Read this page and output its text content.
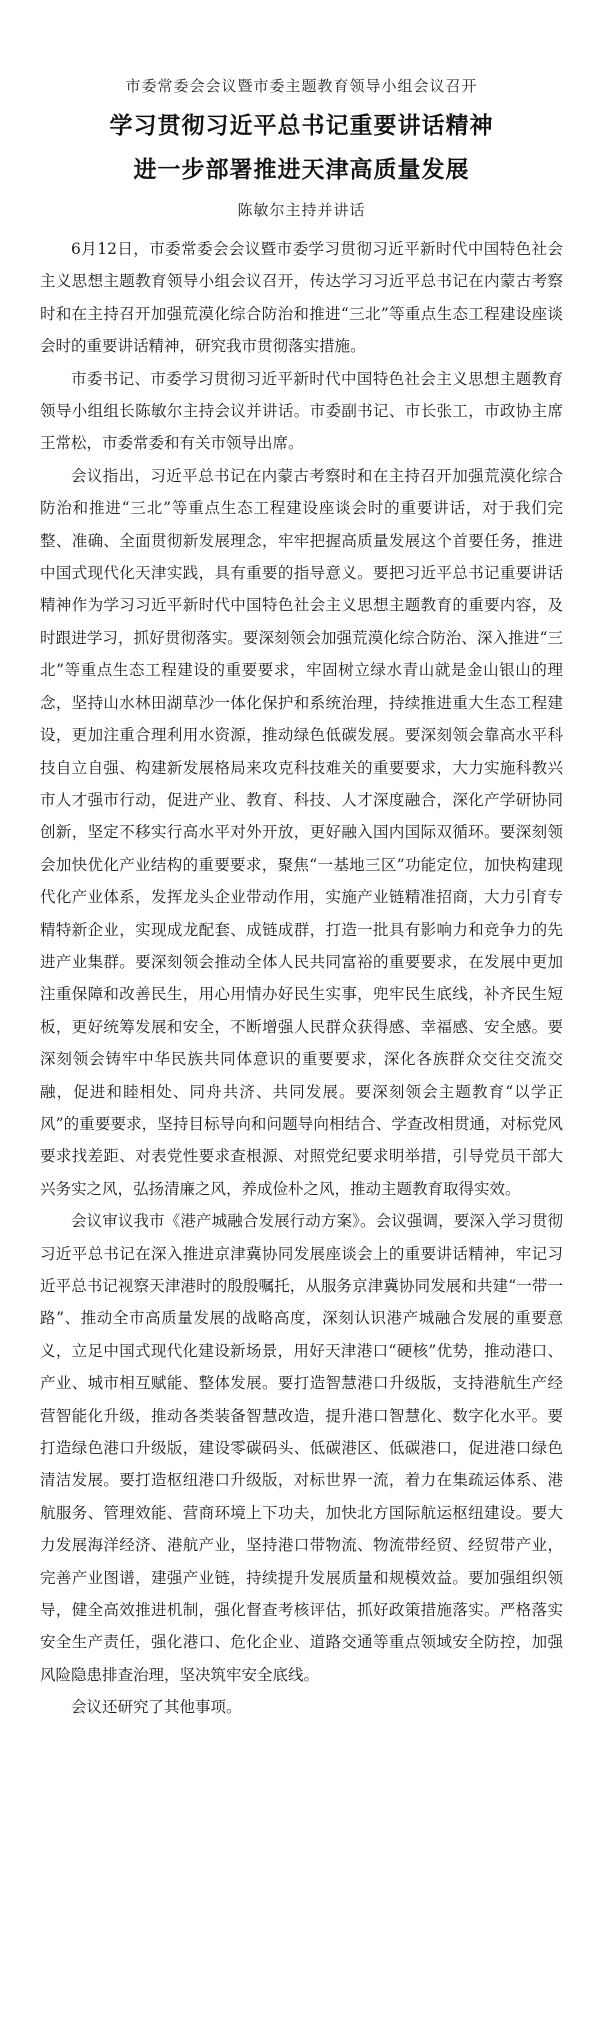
市委常委会会议暨市委主题教育领导小组会议召开
学习贯彻习近平总书记重要讲话精神
进一步部署推进天津高质量发展
陈敏尔主持并讲话

6月12日，市委常委会会议暨市委学习贯彻习近平新时代中国特色社会主义思想主题教育领导小组会议召开，传达学习习近平总书记在内蒙古考察时和在主持召开加强荒漠化综合防治和推进“三北”等重点生态工程建设座谈会时的重要讲话精神，研究我市贯彻落实措施。

市委书记、市委学习贯彻习近平新时代中国特色社会主义思想主题教育领导小组组长陈敏尔主持会议并讲话。市委副书记、市长张工，市政协主席王常松，市委常委和有关市领导出席。

会议指出，习近平总书记在内蒙古考察时和在主持召开加强荒漠化综合防治和推进“三北”等重点生态工程建设座谈会时的重要讲话，对于我们完整、准确、全面贯彻新发展理念，牢牢把握高质量发展这个首要任务，推进中国式现代化天津实践，具有重要的指导意义。要把习近平总书记重要讲话精神作为学习习近平新时代中国特色社会主义思想主题教育的重要内容，及时跟进学习，抓好贯彻落实。要深刻领会加强荒漠化综合防治、深入推进“三北”等重点生态工程建设的重要要求，牢固树立绿水青山就是金山银山的理念，坚持山水林田湖草沙一体化保护和系统治理，持续推进重大生态工程建设，更加注重合理利用水资源，推动绿色低碳发展。要深刻领会靠高水平科技自立自强、构建新发展格局来攻克科技难关的重要要求，大力实施科教兴市人才强市行动，促进产业、教育、科技、人才深度融合，深化产学研协同创新，坚定不移实行高水平对外开放，更好融入国内国际双循环。要深刻领会加快优化产业结构的重要要求，聚焦“一基地三区”功能定位，加快构建现代化产业体系，发挥龙头企业带动作用，实施产业链精准招商，大力引育专精特新企业，实现成龙配套、成链成群，打造一批具有影响力和竞争力的先进产业集群。要深刻领会推动全体人民共同富裕的重要要求，在发展中更加注重保障和改善民生，用心用情办好民生实事，兜牢民生底线，补齐民生短板，更好统筹发展和安全，不断增强人民群众获得感、幸福感、安全感。要深刻领会铸牢中华民族共同体意识的重要要求，深化各族群众交往交流交融，促进和睦相处、同舟共济、共同发展。要深刻领会主题教育“以学正风”的重要要求，坚持目标导向和问题导向相结合、学查改相贯通，对标党风要求找差距、对表党性要求查根源、对照党纪要求明举措，引导党员干部大兴务实之风，弘扬清廉之风，养成俭朴之风，推动主题教育取得实效。

会议审议我市《港产城融合发展行动方案》。会议强调，要深入学习贯彻习近平总书记在深入推进京津冀协同发展座谈会上的重要讲话精神，牢记习近平总书记视察天津港时的殷殷嘱托，从服务京津冀协同发展和共建“一带一路”、推动全市高质量发展的战略高度，深刻认识港产城融合发展的重要意义，立足中国式现代化建设新场景，用好天津港口“硬核”优势，推动港口、产业、城市相互赋能、整体发展。要打造智慧港口升级版，支持港航生产经营智能化升级，推动各类装备智慧改造，提升港口智慧化、数字化水平。要打造绿色港口升级版，建设零碳码头、低碳港区、低碳港口，促进港口绿色清洁发展。要打造枢纽港口升级版，对标世界一流，着力在集疏运体系、港航服务、管理效能、营商环境上下功夫，加快北方国际航运枢纽建设。要大力发展海洋经济、港航产业，坚持港口带物流、物流带经贸、经贸带产业，完善产业图谱，建强产业链，持续提升发展质量和规模效益。要加强组织领导，健全高效推进机制，强化督查考核评估，抓好政策措施落实。严格落实安全生产责任，强化港口、危化企业、道路交通等重点领域安全防控，加强风险隐患排查治理，坚决筑牢安全底线。

会议还研究了其他事项。
